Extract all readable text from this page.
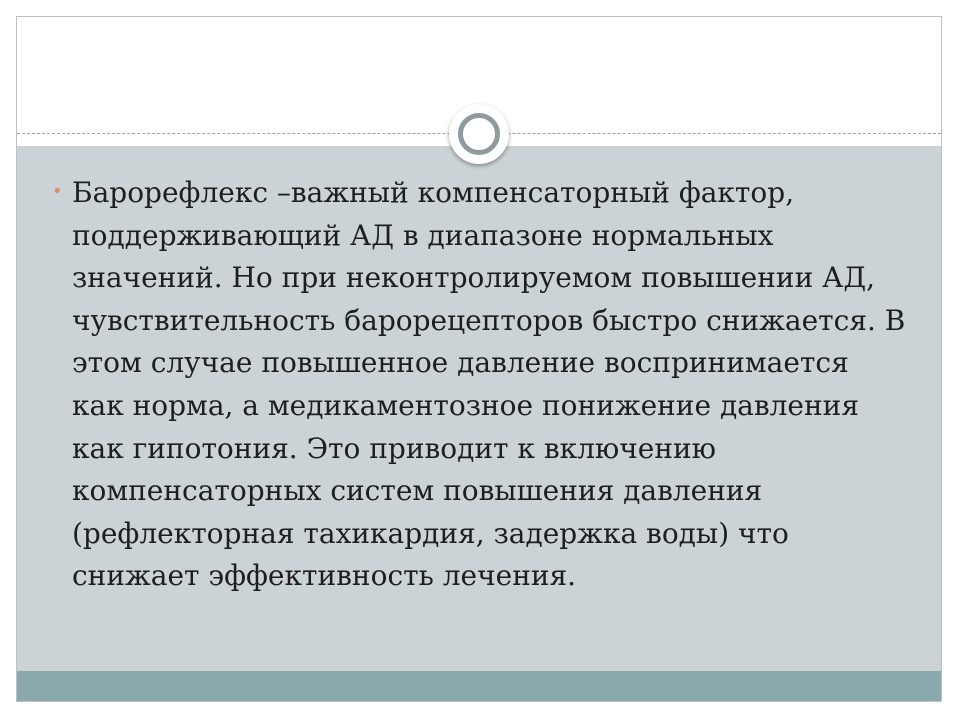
• Барорефлекс –важный компенсаторный фактор, поддерживающий АД в диапазоне нормальных значений. Но при неконтролируемом повышении АД, чувствительность барорецепторов быстро снижается. В этом случае повышенное давление воспринимается как норма, а медикаментозное понижение давления как гипотония. Это приводит к включению компенсаторных систем повышения давления (рефлекторная тахикардия, задержка воды) что снижает эффективность лечения.
